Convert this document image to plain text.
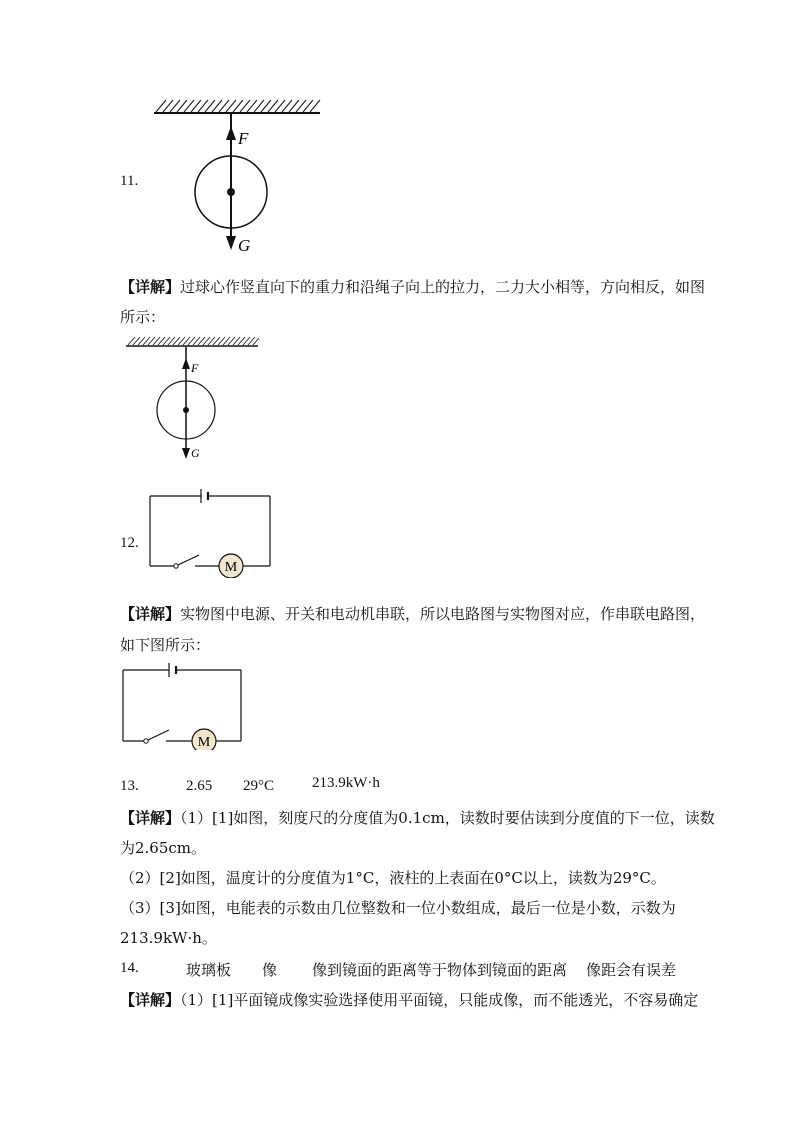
11.
F
G
【详解】过球心作竖直向下的重力和沿绳子向上的拉力，二力大小相等，方向相反，如图
所示：
F
G
12.
M
【详解】实物图中电源、开关和电动机串联，所以电路图与实物图对应，作串联电路图，
如下图所示：
M
13.	2.65 29°C	213.9kW·h
【详解】（1）[1]如图，刻度尺的分度值为0.1cm，读数时要估读到分度值的下一位，读数
为2.65cm。
（2）[2]如图，温度计的分度值为1°C，液柱的上表面在0°C以上，读数为29°C。
（3）[3]如图，电能表的示数由几位整数和一位小数组成，最后一位是小数，示数为
213.9kW·h。
14.	玻璃板 像 像到镜面的距离等于物体到镜面的距离 像距会有误差
【详解】（1）[1]平面镜成像实验选择使用平面镜，只能成像，而不能透光，不容易确定
